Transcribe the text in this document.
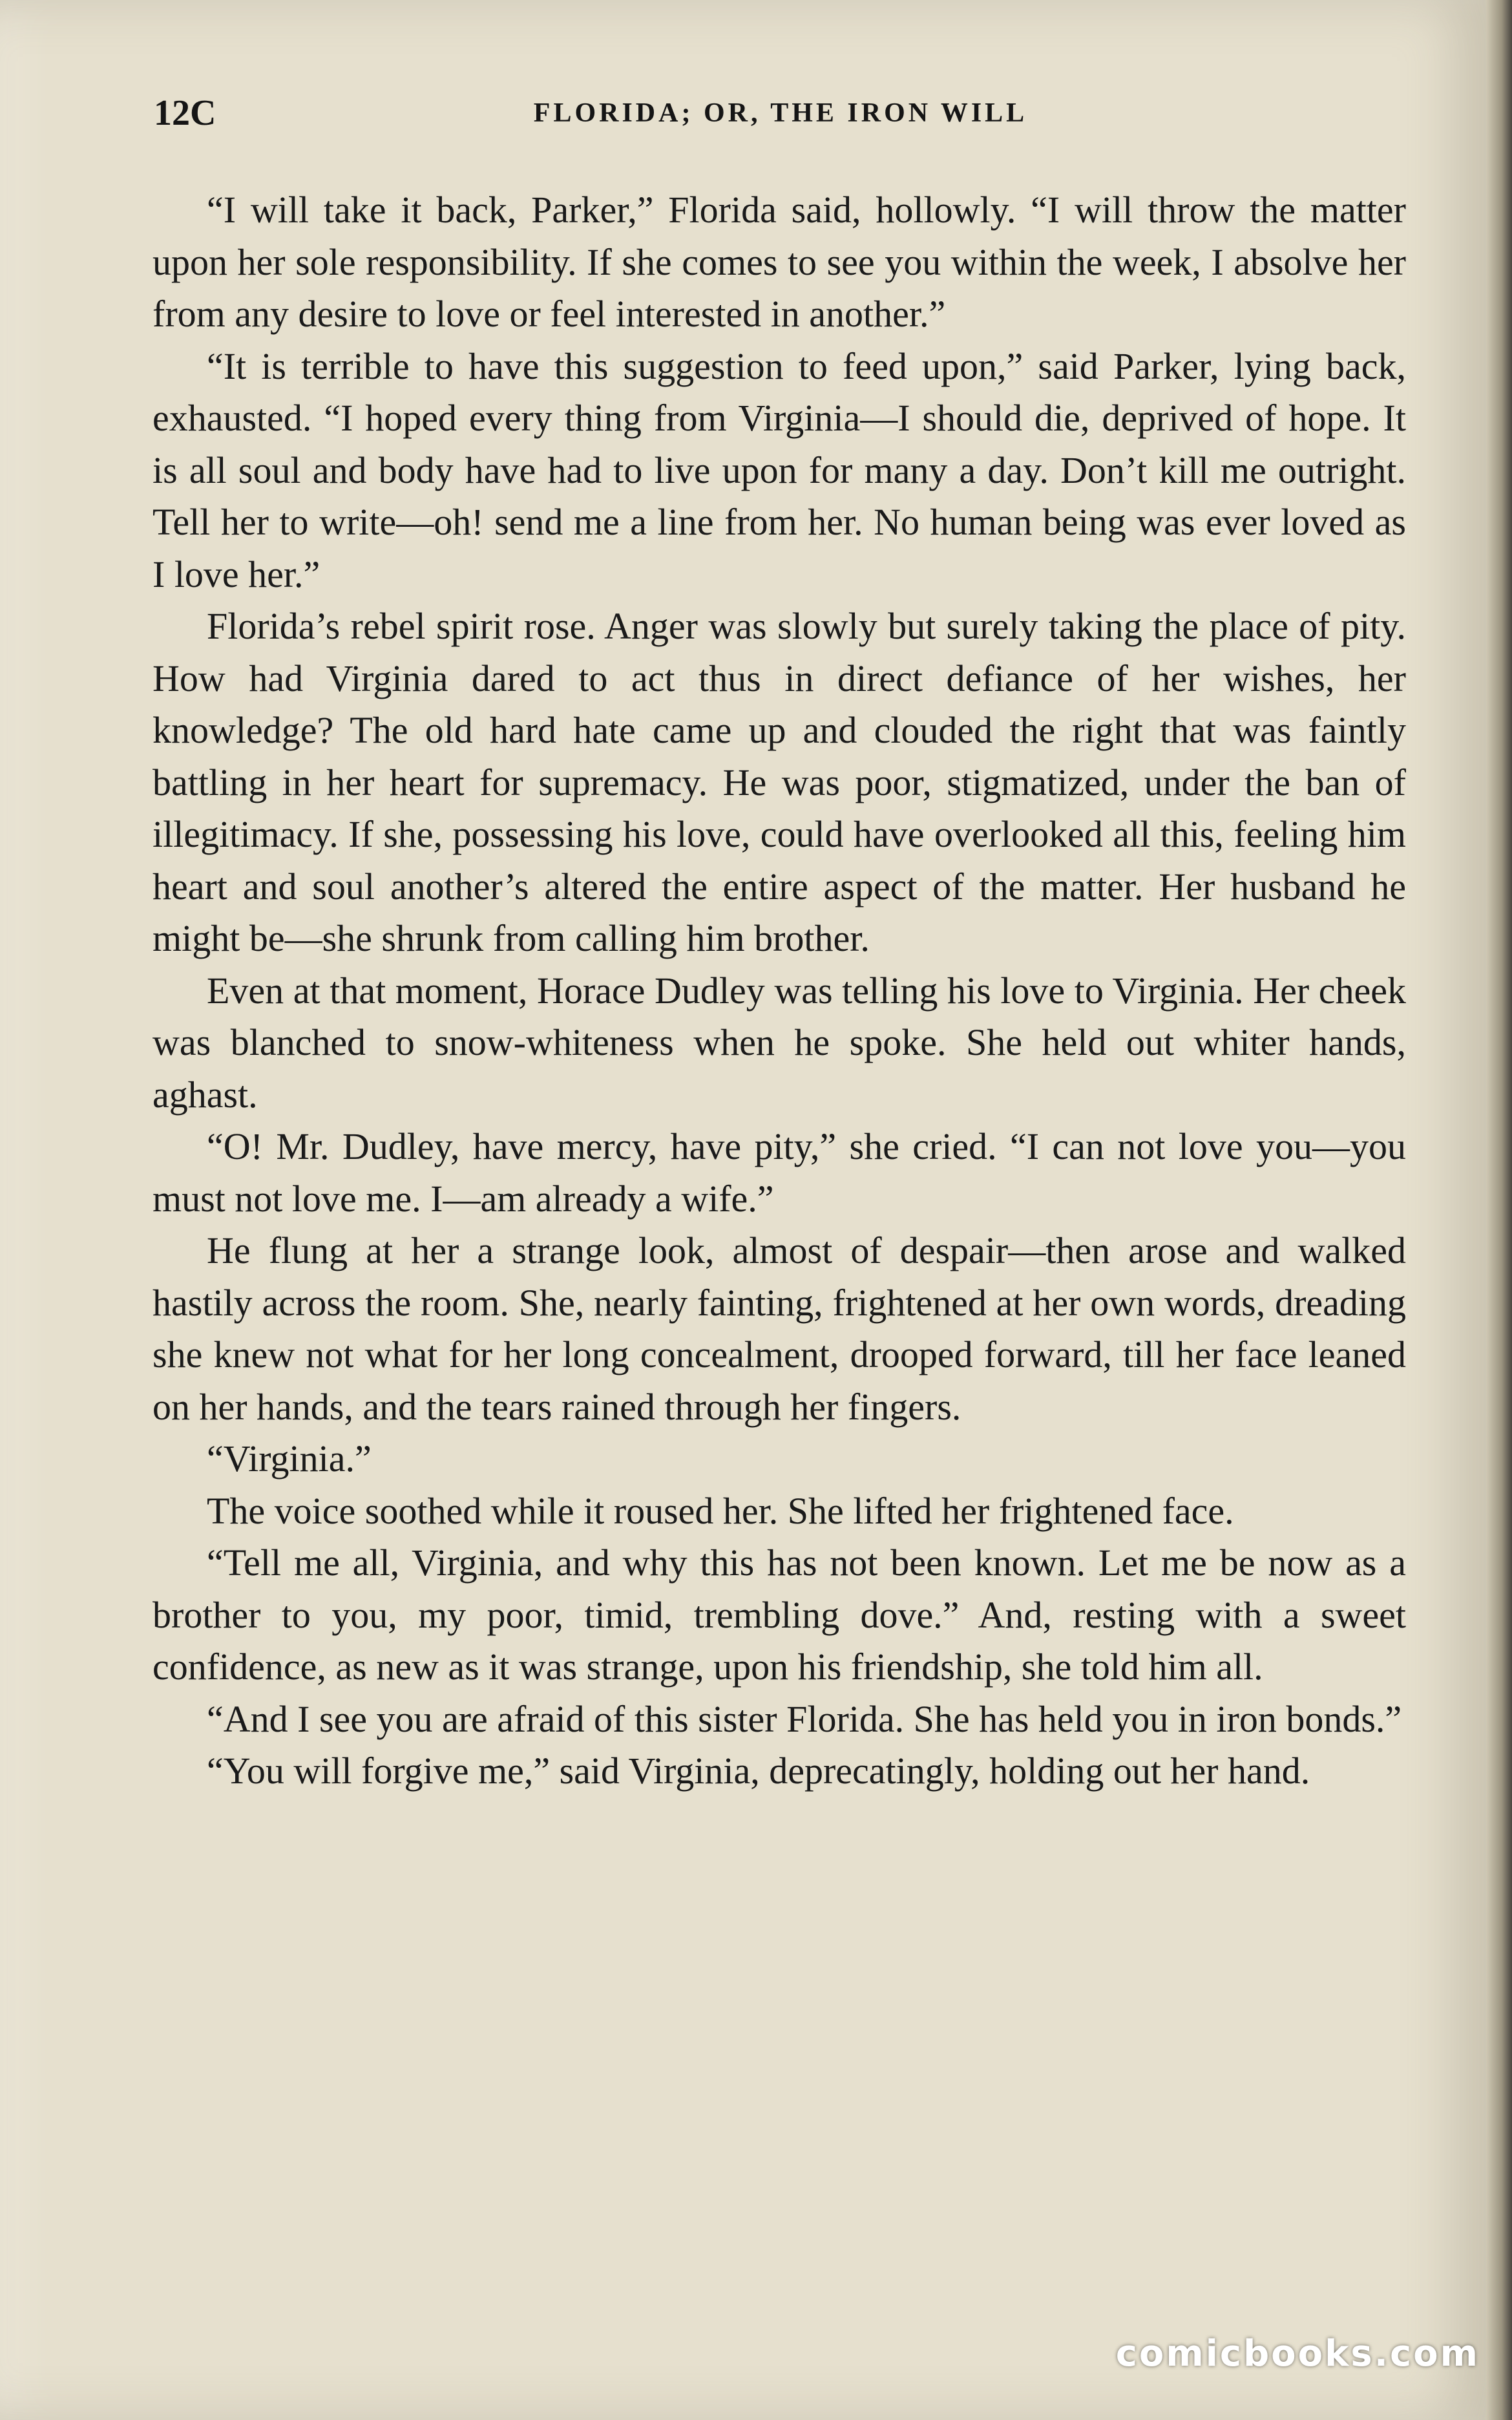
12C	FLORIDA; OR, THE IRON WILL

“I will take it back, Parker,” Florida said, hollowly. “I will throw the matter upon her sole responsibility. If she comes to see you within the week, I absolve her from any desire to love or feel interested in another.”

“It is terrible to have this suggestion to feed upon,” said Parker, lying back, exhausted. “I hoped every thing from Virginia—I should die, deprived of hope. It is all soul and body have had to live upon for many a day. Don’t kill me outright. Tell her to write—oh! send me a line from her. No human being was ever loved as I love her.”

Florida’s rebel spirit rose. Anger was slowly but surely taking the place of pity. How had Virginia dared to act thus in direct defiance of her wishes, her knowledge? The old hard hate came up and clouded the right that was faintly battling in her heart for supremacy. He was poor, stigmatized, under the ban of illegitimacy. If she, possessing his love, could have overlooked all this, feeling him heart and soul another’s altered the entire aspect of the matter. Her husband he might be—she shrunk from calling him brother.

Even at that moment, Horace Dudley was telling his love to Virginia. Her cheek was blanched to snow-whiteness when he spoke. She held out whiter hands, aghast.

“O! Mr. Dudley, have mercy, have pity,” she cried. “I can not love you—you must not love me. I—am already a wife.”

He flung at her a strange look, almost of despair—then arose and walked hastily across the room. She, nearly fainting, frightened at her own words, dreading she knew not what for her long concealment, drooped forward, till her face leaned on her hands, and the tears rained through her fingers.

“Virginia.”

The voice soothed while it roused her. She lifted her frightened face.

“Tell me all, Virginia, and why this has not been known. Let me be now as a brother to you, my poor, timid, trembling dove.” And, resting with a sweet confidence, as new as it was strange, upon his friendship, she told him all.

“And I see you are afraid of this sister Florida. She has held you in iron bonds.”

“You will forgive me,” said Virginia, deprecatingly, holding out her hand.

comicbooks.com
